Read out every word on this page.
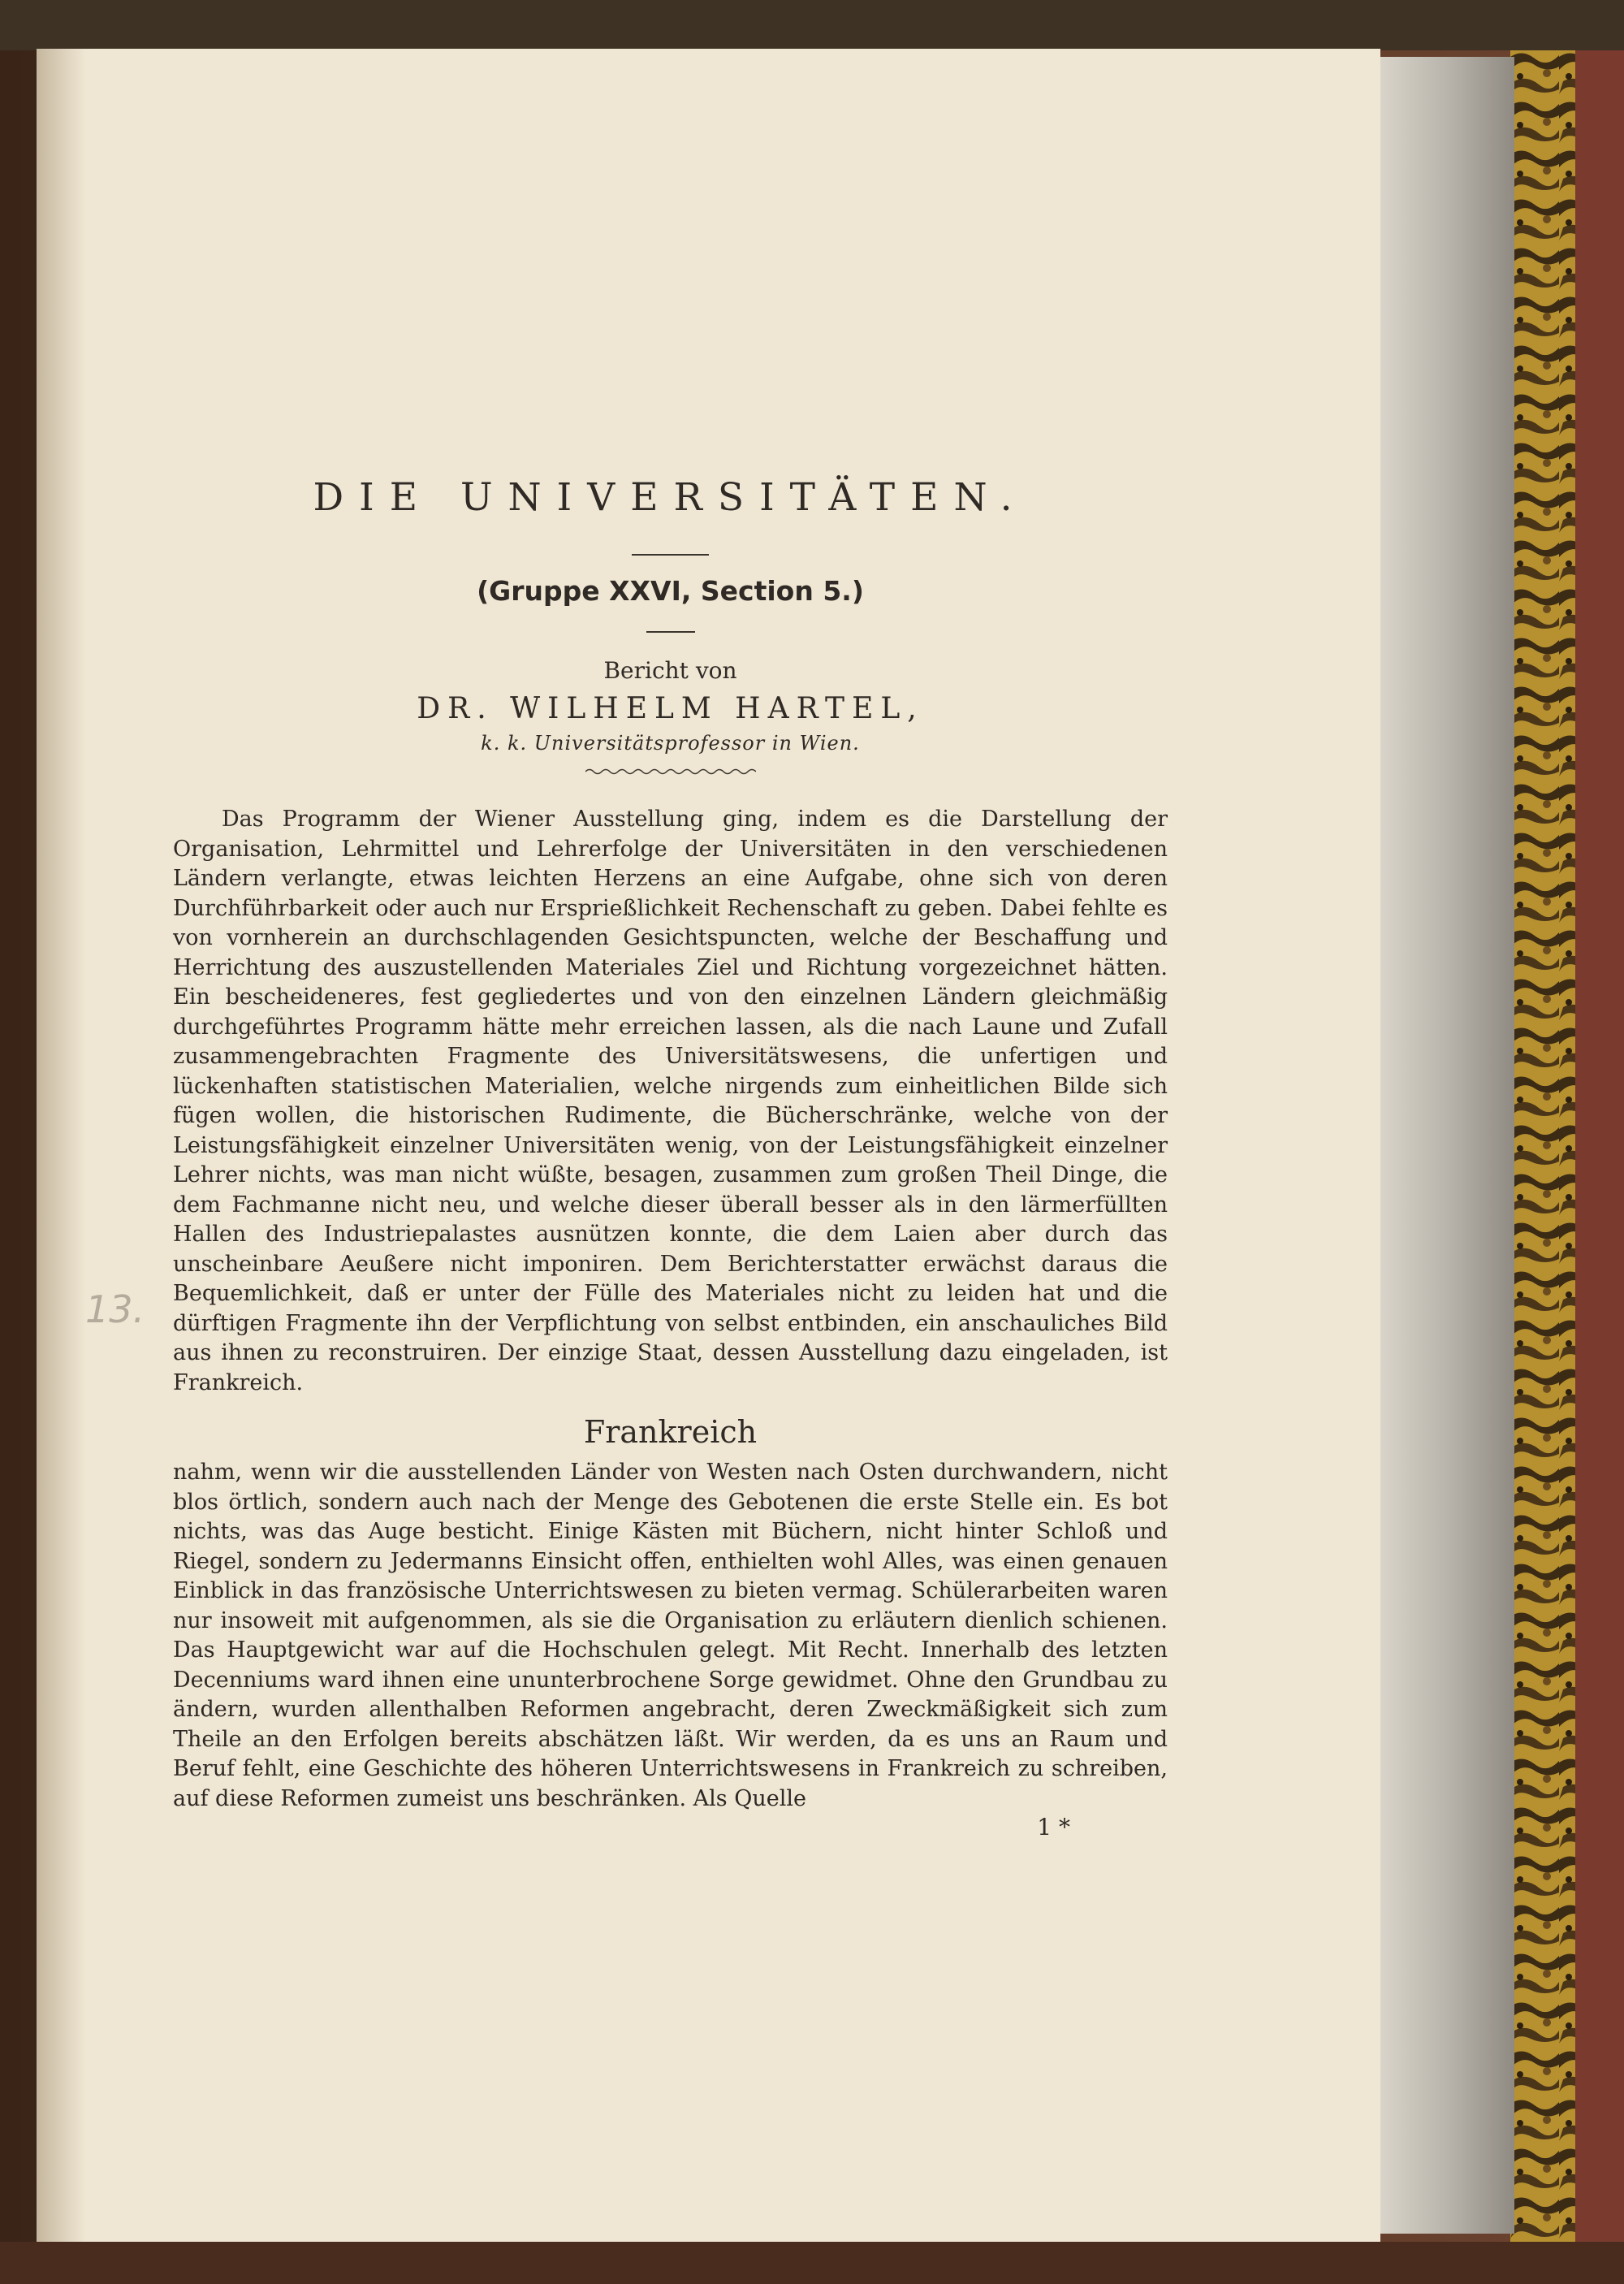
DIE UNIVERSITÄTEN.
(Gruppe XXVI, Section 5.)
Bericht von
DR. WILHELM HARTEL,
k. k. Universitätsprofessor in Wien.

Das Programm der Wiener Ausstellung ging, indem es die Darstellung der Organisation, Lehrmittel und Lehrerfolge der Universitäten in den verschiedenen Ländern verlangte, etwas leichten Herzens an eine Aufgabe, ohne sich von deren Durchführbarkeit oder auch nur Ersprießlichkeit Rechenschaft zu geben. Dabei fehlte es von vornherein an durchschlagenden Gesichtspuncten, welche der Beschaffung und Herrichtung des auszustellenden Materiales Ziel und Richtung vorgezeichnet hätten. Ein bescheideneres, fest gegliedertes und von den einzelnen Ländern gleichmäßig durchgeführtes Programm hätte mehr erreichen lassen, als die nach Laune und Zufall zusammengebrachten Fragmente des Universitätswesens, die unfertigen und lückenhaften statistischen Materialien, welche nirgends zum einheitlichen Bilde sich fügen wollen, die historischen Rudimente, die Bücherschränke, welche von der Leistungsfähigkeit einzelner Universitäten wenig, von der Leistungsfähigkeit einzelner Lehrer nichts, was man nicht wüßte, besagen, zusammen zum großen Theil Dinge, die dem Fachmanne nicht neu, und welche dieser überall besser als in den lärmerfüllten Hallen des Industriepalastes ausnützen konnte, die dem Laien aber durch das unscheinbare Aeußere nicht imponiren. Dem Berichterstatter erwächst daraus die Bequemlichkeit, daß er unter der Fülle des Materiales nicht zu leiden hat und die dürftigen Fragmente ihn der Verpflichtung von selbst entbinden, ein anschauliches Bild aus ihnen zu reconstruiren. Der einzige Staat, dessen Ausstellung dazu eingeladen, ist Frankreich.

Frankreich

nahm, wenn wir die ausstellenden Länder von Westen nach Osten durchwandern, nicht blos örtlich, sondern auch nach der Menge des Gebotenen die erste Stelle ein. Es bot nichts, was das Auge besticht. Einige Kästen mit Büchern, nicht hinter Schloß und Riegel, sondern zu Jedermanns Einsicht offen, enthielten wohl Alles, was einen genauen Einblick in das französische Unterrichtswesen zu bieten vermag. Schülerarbeiten waren nur insoweit mit aufgenommen, als sie die Organisation zu erläutern dienlich schienen. Das Hauptgewicht war auf die Hochschulen gelegt. Mit Recht. Innerhalb des letzten Decenniums ward ihnen eine ununterbrochene Sorge gewidmet. Ohne den Grundbau zu ändern, wurden allenthalben Reformen angebracht, deren Zweckmäßigkeit sich zum Theile an den Erfolgen bereits abschätzen läßt. Wir werden, da es uns an Raum und Beruf fehlt, eine Geschichte des höheren Unterrichtswesens in Frankreich zu schreiben, auf diese Reformen zumeist uns beschränken. Als Quelle

1 *
13.
